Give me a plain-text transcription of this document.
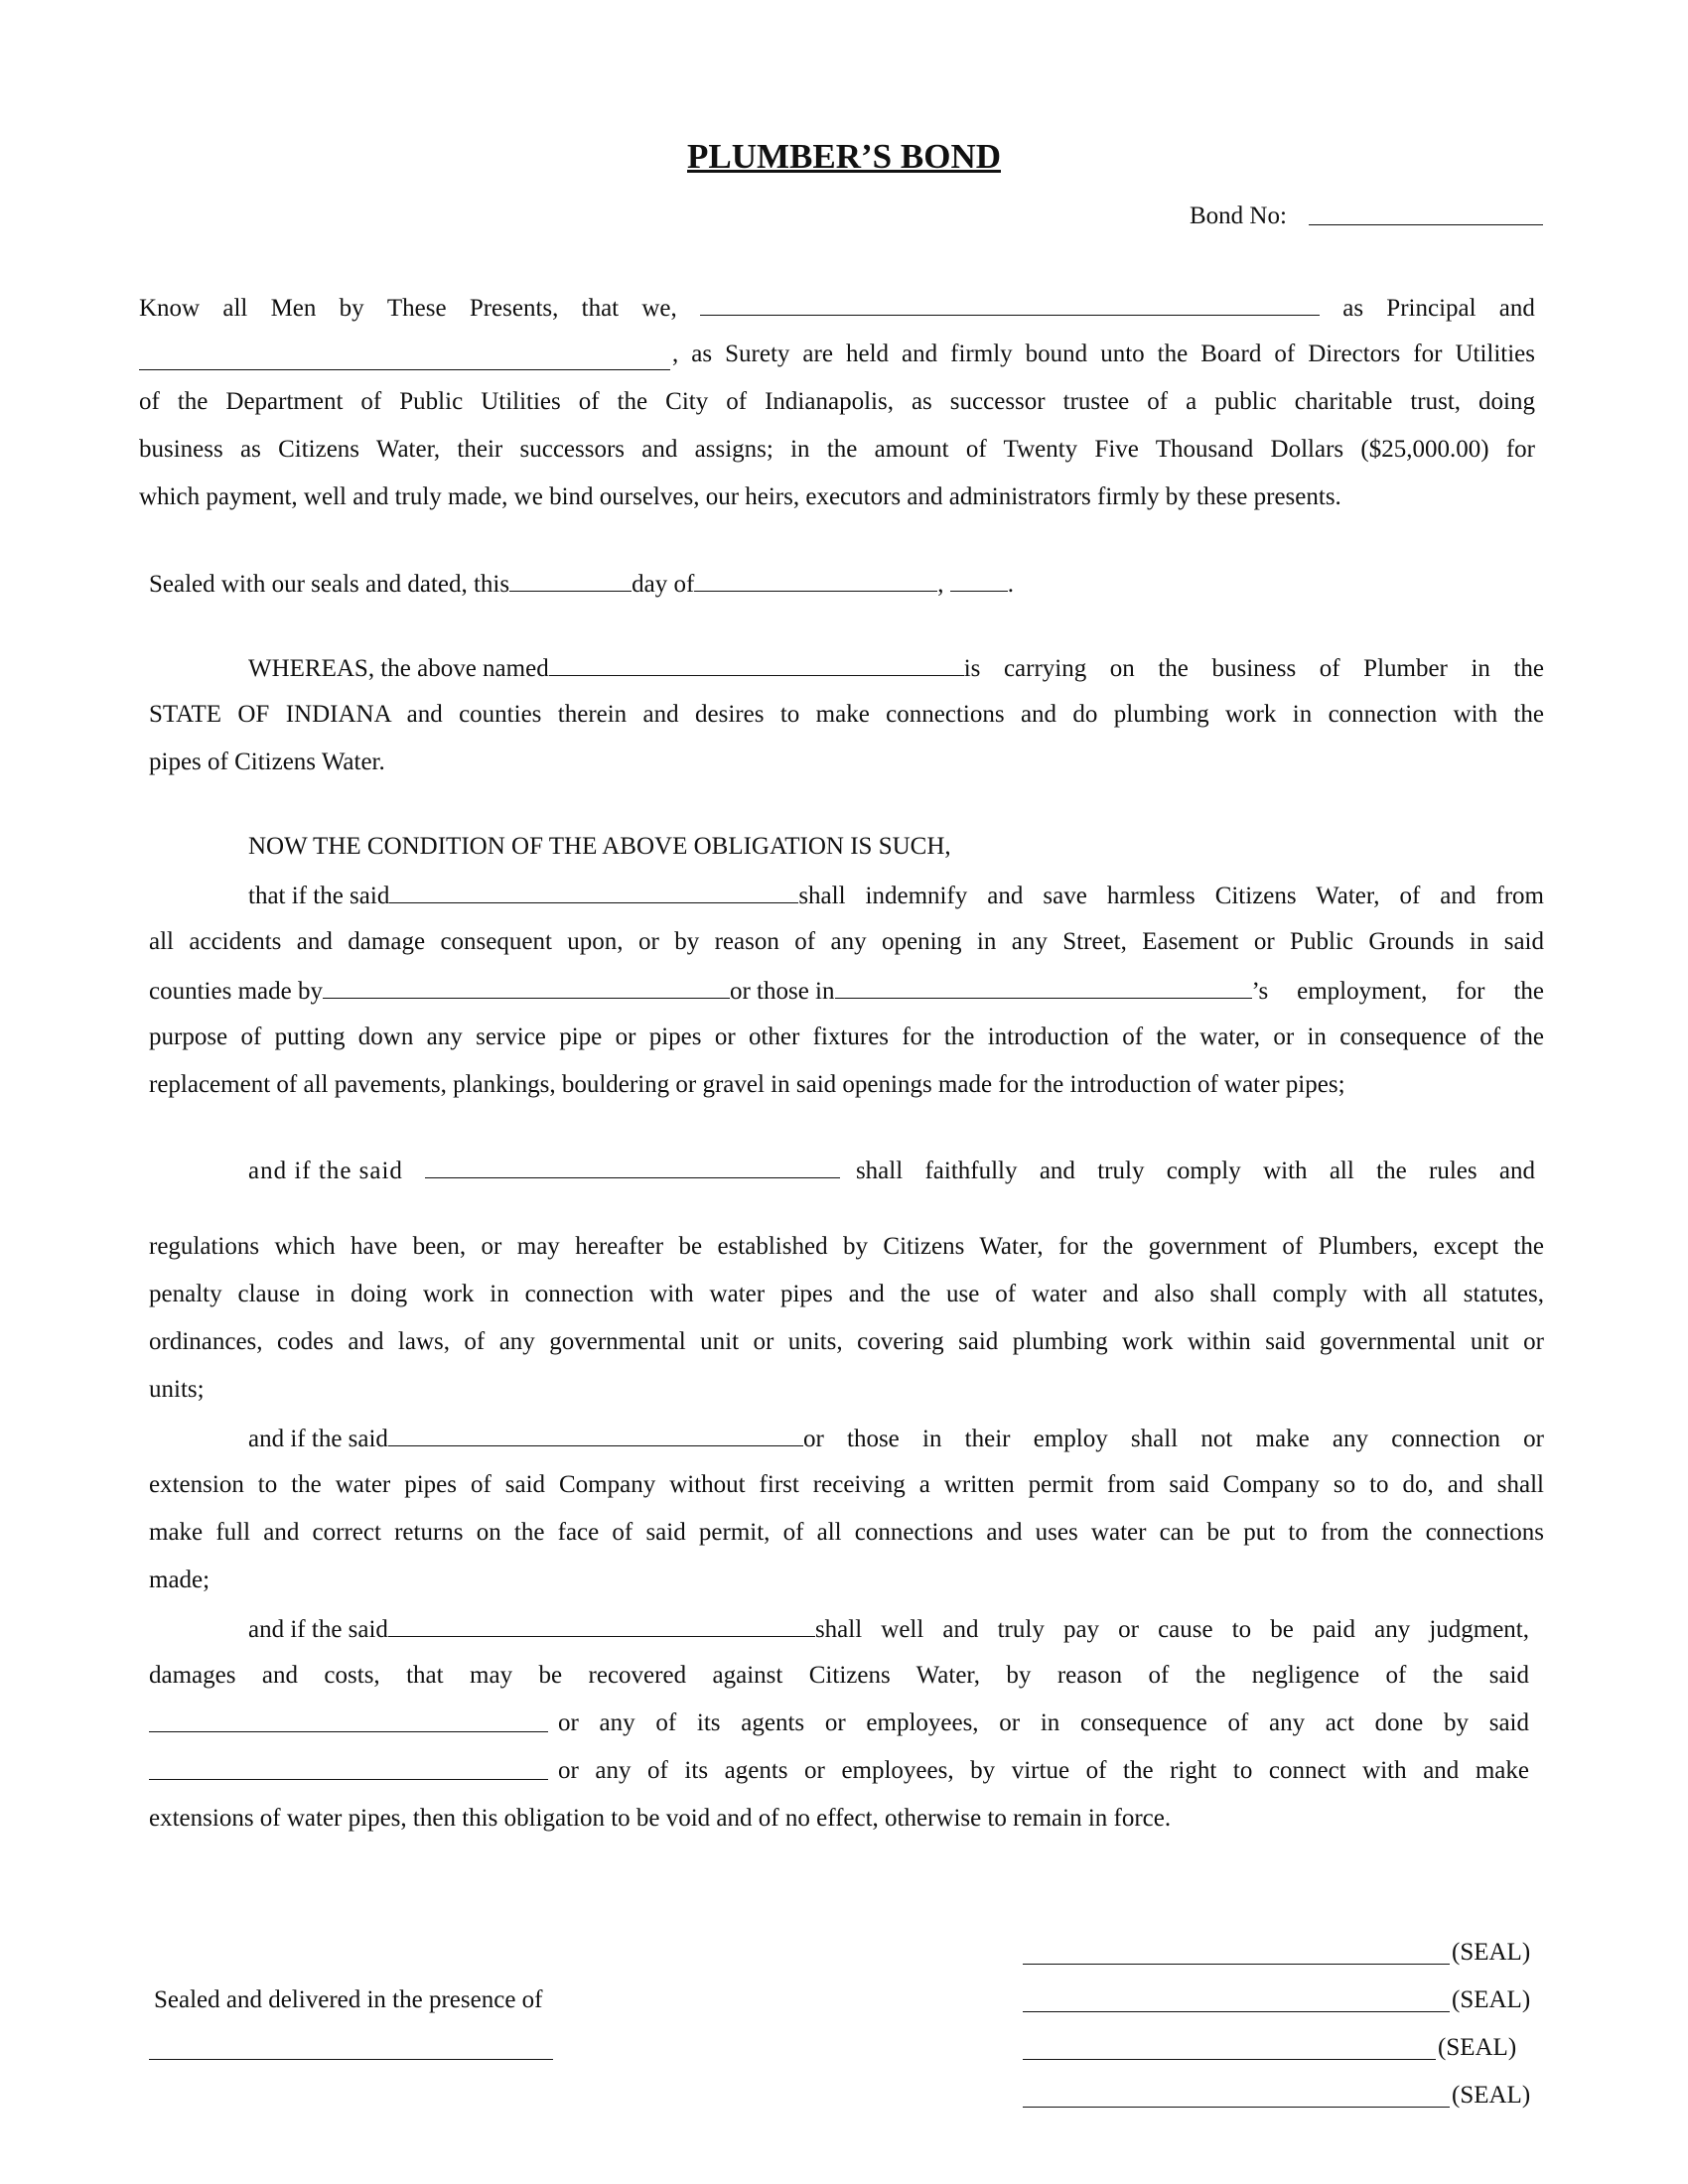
PLUMBER’S BOND
Bond No:
Know all Men by These Presents, that we,	as Principal and
, as Surety are held and firmly bound unto the Board of Directors for Utilities
of the Department of Public Utilities of the City of Indianapolis, as successor trustee of a public charitable trust, doing
business as Citizens Water, their successors and assigns; in the amount of Twenty Five Thousand Dollars ($25,000.00) for
which payment, well and truly made, we bind ourselves, our heirs, executors and administrators firmly by these presents.
Sealed with our seals and dated, this	day of	, .
WHEREAS, the above named	is carrying on the business of Plumber in the
STATE OF INDIANA and counties therein and desires to make connections and do plumbing work in connection with the
pipes of Citizens Water.
NOW THE CONDITION OF THE ABOVE OBLIGATION IS SUCH,
that if the said	shall indemnify and save harmless Citizens Water, of and from
all accidents and damage consequent upon, or by reason of any opening in any Street, Easement or Public Grounds in said
counties made by	or those in	’s employment, for the
purpose of putting down any service pipe or pipes or other fixtures for the introduction of the water, or in consequence of the
replacement of all pavements, plankings, bouldering or gravel in said openings made for the introduction of water pipes;
and if the said	shall faithfully and truly comply with all the rules and
regulations which have been, or may hereafter be established by Citizens Water, for the government of Plumbers, except the
penalty clause in doing work in connection with water pipes and the use of water and also shall comply with all statutes,
ordinances, codes and laws, of any governmental unit or units, covering said plumbing work within said governmental unit or
units;
and if the said	or those in their employ shall not make any connection or
extension to the water pipes of said Company without first receiving a written permit from said Company so to do, and shall
make full and correct returns on the face of said permit, of all connections and uses water can be put to from the connections
made;
and if the said	shall well and truly pay or cause to be paid any judgment,
damages and costs, that may be recovered against Citizens Water, by reason of the negligence of the said
or any of its agents or employees, or in consequence of any act done by said
or any of its agents or employees, by virtue of the right to connect with and make
extensions of water pipes, then this obligation to be void and of no effect, otherwise to remain in force.
(SEAL)
Sealed and delivered in the presence of	(SEAL)
(SEAL)
(SEAL)
